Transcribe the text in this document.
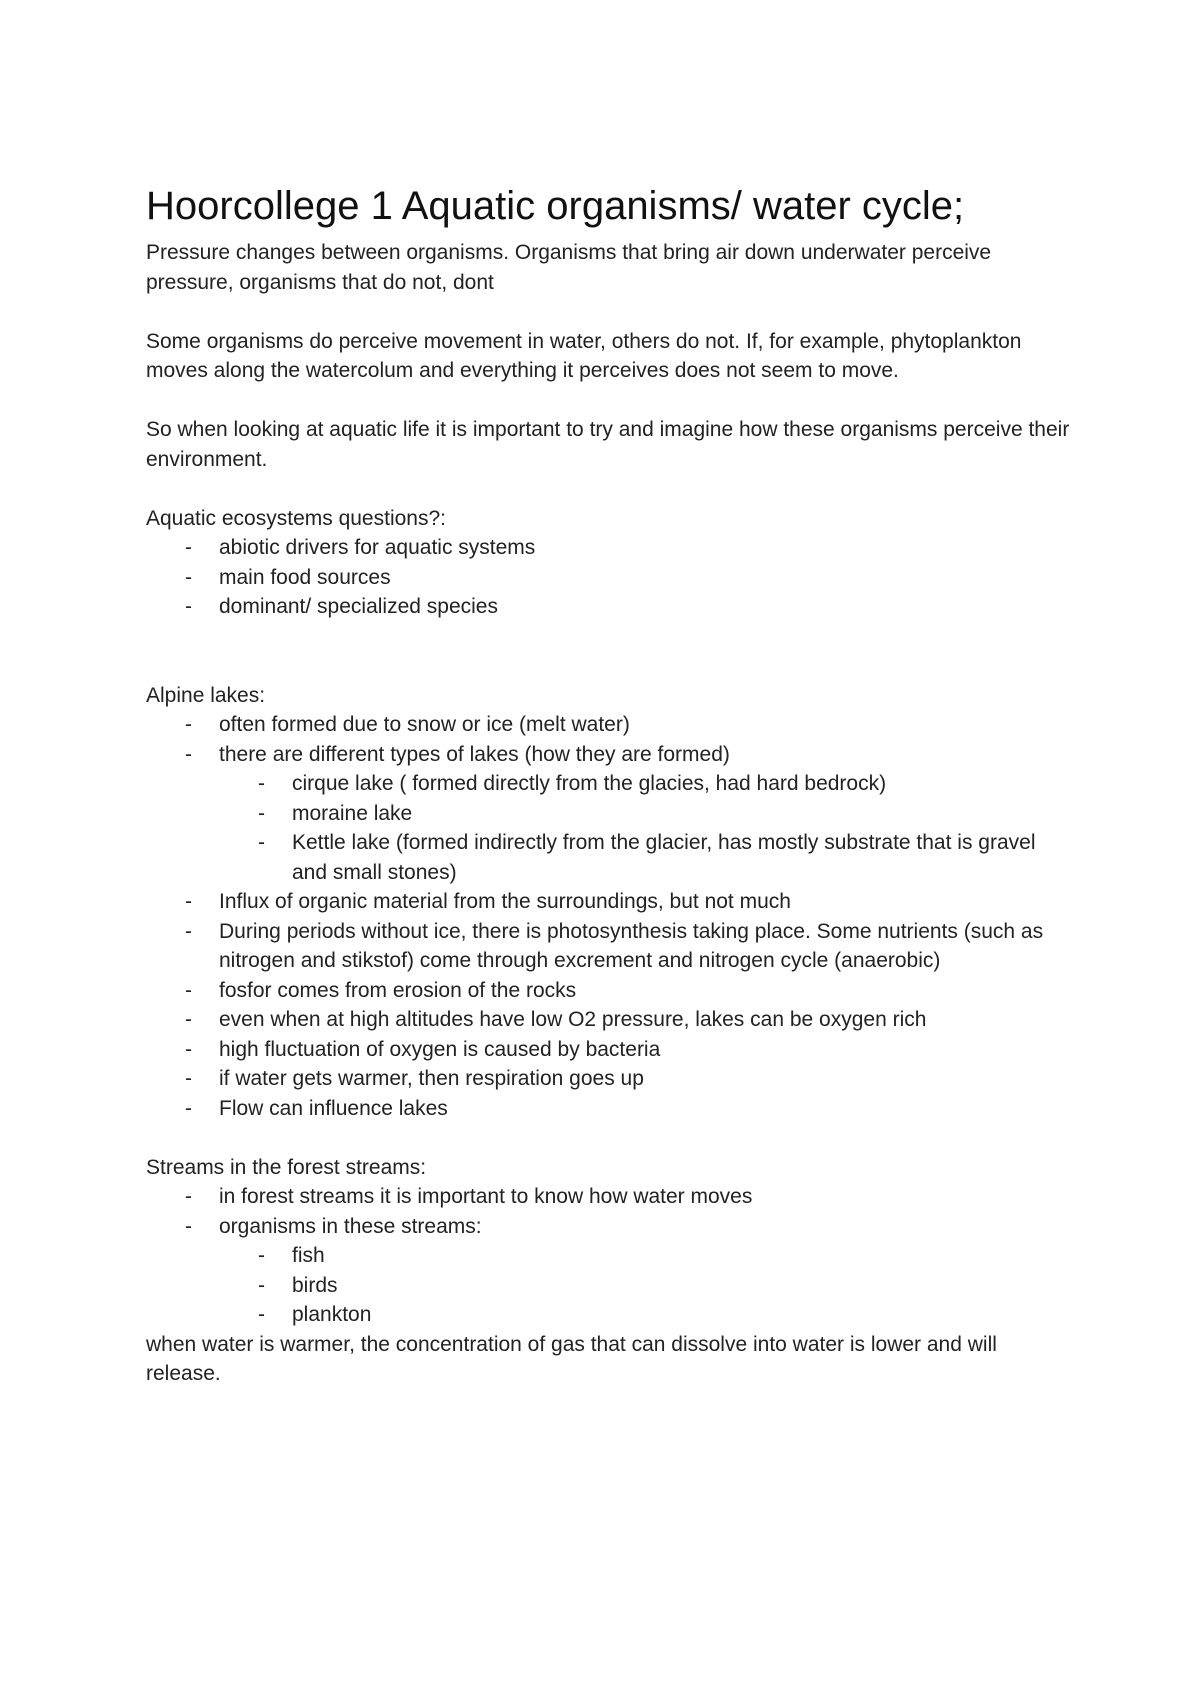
Hoorcollege 1 Aquatic organisms/ water cycle;

Pressure changes between organisms. Organisms that bring air down underwater perceive pressure, organisms that do not, dont

Some organisms do perceive movement in water, others do not. If, for example, phytoplankton moves along the watercolum and everything it perceives does not seem to move.

So when looking at aquatic life it is important to try and imagine how these organisms perceive their environment.

Aquatic ecosystems questions?:

- abiotic drivers for aquatic systems
- main food sources
- dominant/ specialized species

Alpine lakes:

- often formed due to snow or ice (melt water)
- there are different types of lakes (how they are formed)
- cirque lake ( formed directly from the glacies, had hard bedrock)
- moraine lake
- Kettle lake (formed indirectly from the glacier, has mostly substrate that is gravel and small stones)
- Influx of organic material from the surroundings, but not much
- During periods without ice, there is photosynthesis taking place. Some nutrients (such as nitrogen and stikstof) come through excrement and nitrogen cycle (anaerobic)
- fosfor comes from erosion of the rocks
- even when at high altitudes have low O2 pressure, lakes can be oxygen rich
- high fluctuation of oxygen is caused by bacteria
- if water gets warmer, then respiration goes up
- Flow can influence lakes

Streams in the forest streams:

- in forest streams it is important to know how water moves
- organisms in these streams:
- fish
- birds
- plankton

when water is warmer, the concentration of gas that can dissolve into water is lower and will release.
